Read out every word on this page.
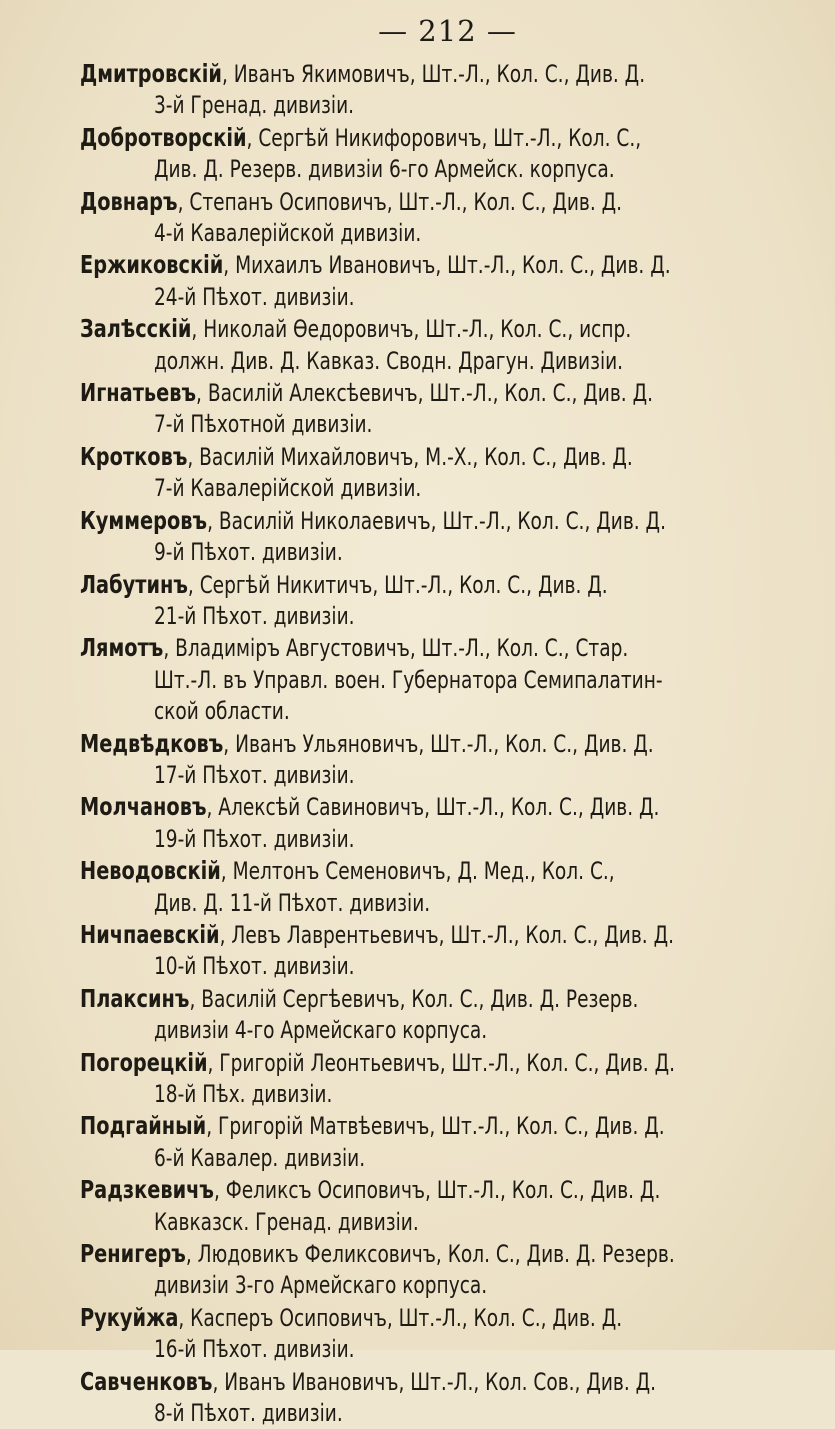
— 212 —
Дмитровскій, Иванъ Якимовичъ, Шт.-Л., Кол. С., Див. Д.
3-й Гренад. дивизіи.
Добротворскій, Сергѣй Никифоровичъ, Шт.-Л., Кол. С.,
Див. Д. Резерв. дивизіи 6-го Армейск. корпуса.
Довнаръ, Степанъ Осиповичъ, Шт.-Л., Кол. С., Див. Д.
4-й Кавалерійской дивизіи.
Ержиковскій, Михаилъ Ивановичъ, Шт.-Л., Кол. С., Див. Д.
24-й Пѣхот. дивизіи.
Залѣсскій, Николай Ѳедоровичъ, Шт.-Л., Кол. С., испр.
должн. Див. Д. Кавказ. Сводн. Драгун. Дивизіи.
Игнатьевъ, Василій Алексѣевичъ, Шт.-Л., Кол. С., Див. Д.
7-й Пѣхотной дивизіи.
Кротковъ, Василій Михайловичъ, М.-Х., Кол. С., Див. Д.
7-й Кавалерійской дивизіи.
Куммеровъ, Василій Николаевичъ, Шт.-Л., Кол. С., Див. Д.
9-й Пѣхот. дивизіи.
Лабутинъ, Сергѣй Никитичъ, Шт.-Л., Кол. С., Див. Д.
21-й Пѣхот. дивизіи.
Лямотъ, Владиміръ Августовичъ, Шт.-Л., Кол. С., Стар.
Шт.-Л. въ Управл. воен. Губернатора Семипалатин-
ской области.
Медвѣдковъ, Иванъ Ульяновичъ, Шт.-Л., Кол. С., Див. Д.
17-й Пѣхот. дивизіи.
Молчановъ, Алексѣй Савиновичъ, Шт.-Л., Кол. С., Див. Д.
19-й Пѣхот. дивизіи.
Неводовскій, Мелтонъ Семеновичъ, Д. Мед., Кол. С.,
Див. Д. 11-й Пѣхот. дивизіи.
Ничпаевскій, Левъ Лаврентьевичъ, Шт.-Л., Кол. С., Див. Д.
10-й Пѣхот. дивизіи.
Плаксинъ, Василій Сергѣевичъ, Кол. С., Див. Д. Резерв.
дивизіи 4-го Армейскаго корпуса.
Погорецкій, Григорій Леонтьевичъ, Шт.-Л., Кол. С., Див. Д.
18-й Пѣх. дивизіи.
Подгайный, Григорій Матвѣевичъ, Шт.-Л., Кол. С., Див. Д.
6-й Кавалер. дивизіи.
Радзкевичъ, Феликсъ Осиповичъ, Шт.-Л., Кол. С., Див. Д.
Кавказск. Гренад. дивизіи.
Ренигеръ, Людовикъ Феликсовичъ, Кол. С., Див. Д. Резерв.
дивизіи 3-го Армейскаго корпуса.
Рукуйжа, Касперъ Осиповичъ, Шт.-Л., Кол. С., Див. Д.
16-й Пѣхот. дивизіи.
Савченковъ, Иванъ Ивановичъ, Шт.-Л., Кол. Сов., Див. Д.
8-й Пѣхот. дивизіи.
